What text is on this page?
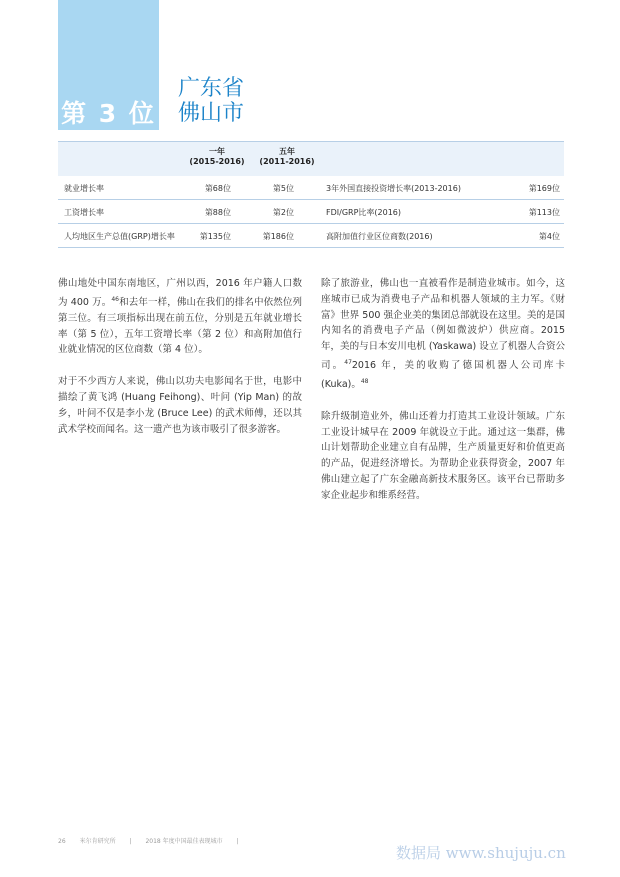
第 3 位
广东省
佛山市
一年
(2015-2016)
五年
(2011-2016)
就业增长率	第68位	第5位	3年外国直接投资增长率(2013-2016)	第169位
工资增长率	第88位	第2位	FDI/GRP比率(2016)	第113位
人均地区生产总值(GRP)增长率	第135位	第186位	高附加值行业区位商数(2016)	第4位

佛山地处中国东南地区，广州以西，2016 年户籍人口数为 400 万。$^{46}$和去年一样，佛山在我们的排名中依然位列第三位。有三项指标出现在前五位，分别是五年就业增长率（第 5 位），五年工资增长率（第 2 位）和高附加值行业就业情况的区位商数（第 4 位）。

对于不少西方人来说，佛山以功夫电影闻名于世，电影中描绘了黄飞鸿 (Huang Feihong)、叶问 (Yip Man) 的故乡，叶问不仅是李小龙 (Bruce Lee) 的武术师傅，还以其武术学校而闻名。这一遗产也为该市吸引了很多游客。

除了旅游业，佛山也一直被看作是制造业城市。如今，这座城市已成为消费电子产品和机器人领域的主力军。《财富》世界 500 强企业美的集团总部就设在这里。美的是国内知名的消费电子产品（例如微波炉）供应商。2015 年，美的与日本安川电机 (Yaskawa) 设立了机器人合资公司。$^{47}$2016 年，美的收购了德国机器人公司库卡 (Kuka)。$^{48}$

除升级制造业外，佛山还着力打造其工业设计领域。广东工业设计城早在 2009 年就设立于此。通过这一集群，佛山计划帮助企业建立自有品牌，生产质量更好和价值更高的产品，促进经济增长。为帮助企业获得资金，2007 年佛山建立起了广东金融高新技术服务区。该平台已帮助多家企业起步和维系经营。

26 米尔肯研究所 | 2018 年度中国最佳表现城市 |
数据局 www.shujuju.cn
